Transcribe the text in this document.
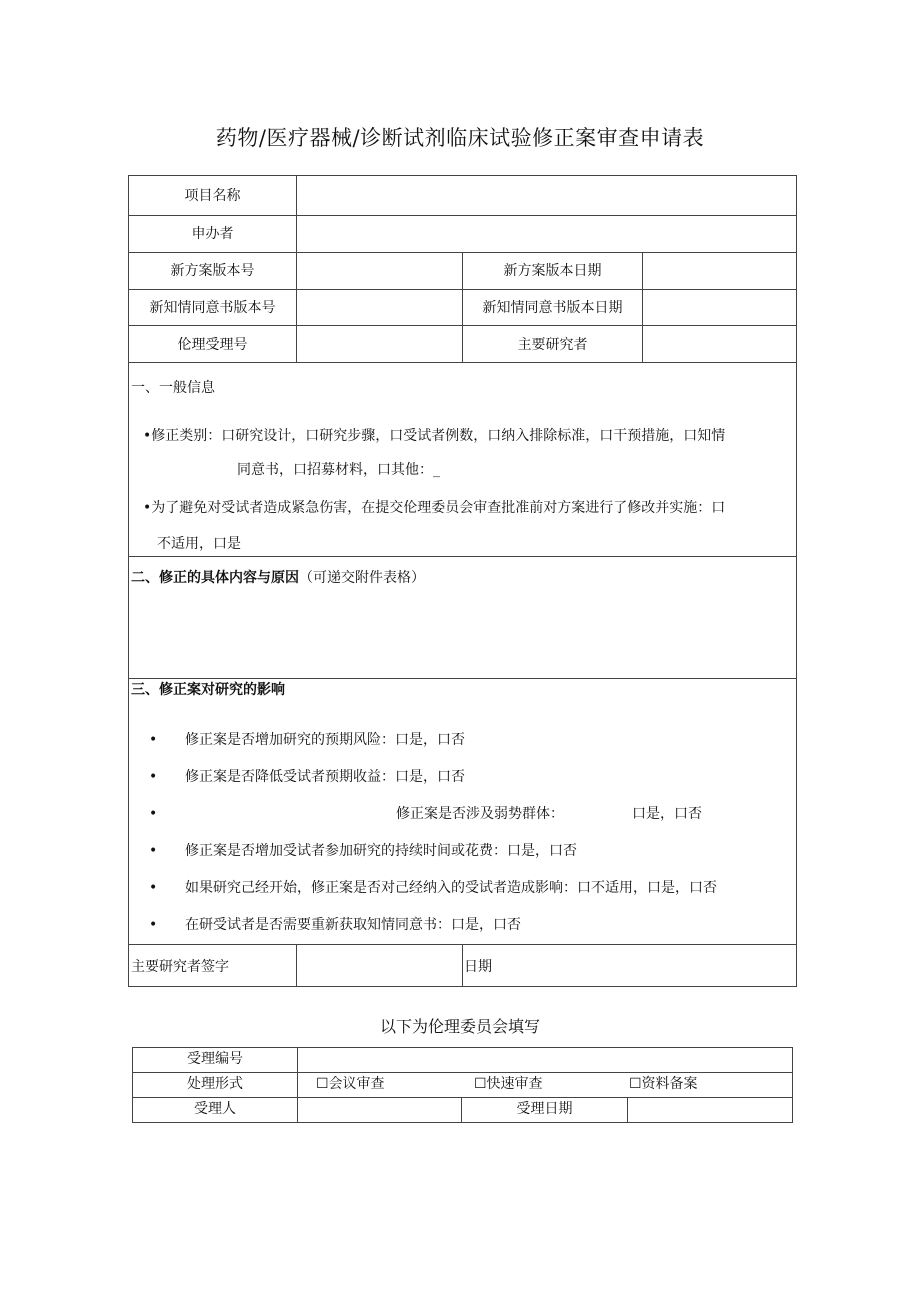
药物/医疗器械/诊断试剂临床试验修正案审查申请表
项目名称
申办者
新方案版本号	新方案版本日期
新知情同意书版本号	新知情同意书版本日期
伦理受理号	主要研究者
一、一般信息
•修正类别：口研究设计，口研究步骤，口受试者例数，口纳入排除标准，口干预措施，口知情
同意书，口招募材料，口其他：_
•为了避免对受试者造成紧急伤害，在提交伦理委员会审查批准前对方案进行了修改并实施：口
不适用，口是
二、修正的具体内容与原因（可递交附件表格）
三、修正案对研究的影响
• 修正案是否增加研究的预期风险：口是，口否
• 修正案是否降低受试者预期收益：口是，口否
•	修正案是否涉及弱势群体：	口是，口否
• 修正案是否增加受试者参加研究的持续时间或花费：口是，口否
• 如果研究己经开始，修正案是否对己经纳入的受试者造成影响：口不适用，口是，口否
• 在研受试者是否需要重新获取知情同意书：口是，口否
主要研究者签字	日期
以下为伦理委员会填写
受理编号
处理形式	☐会议审查	☐快速审查	☐资料备案
受理人	受理日期
